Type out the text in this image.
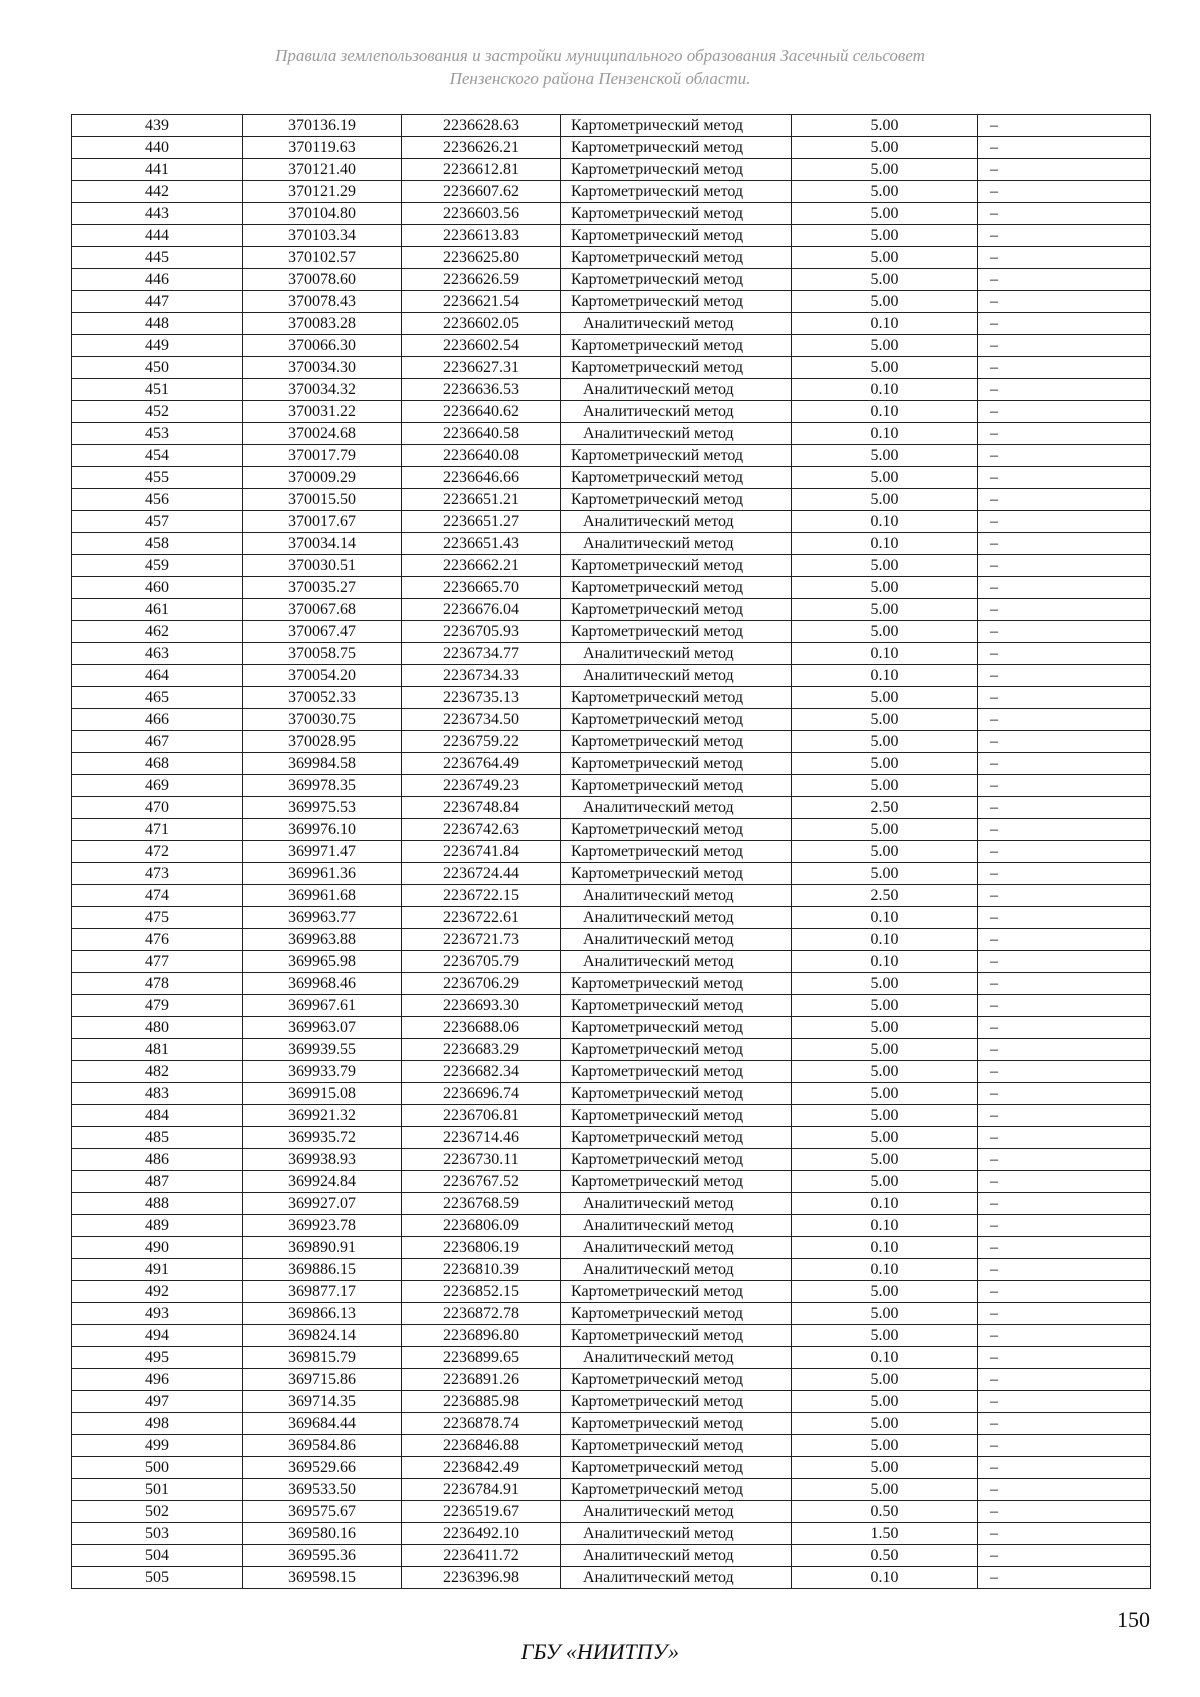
Правила землепользования и застройки муниципального образования Засечный сельсовет
Пензенского района Пензенской области.
439	370136.19	2236628.63	Картометрический метод	5.00	–
440	370119.63	2236626.21	Картометрический метод	5.00	–
441	370121.40	2236612.81	Картометрический метод	5.00	–
442	370121.29	2236607.62	Картометрический метод	5.00	–
443	370104.80	2236603.56	Картометрический метод	5.00	–
444	370103.34	2236613.83	Картометрический метод	5.00	–
445	370102.57	2236625.80	Картометрический метод	5.00	–
446	370078.60	2236626.59	Картометрический метод	5.00	–
447	370078.43	2236621.54	Картометрический метод	5.00	–
448	370083.28	2236602.05	Аналитический метод	0.10	–
449	370066.30	2236602.54	Картометрический метод	5.00	–
450	370034.30	2236627.31	Картометрический метод	5.00	–
451	370034.32	2236636.53	Аналитический метод	0.10	–
452	370031.22	2236640.62	Аналитический метод	0.10	–
453	370024.68	2236640.58	Аналитический метод	0.10	–
454	370017.79	2236640.08	Картометрический метод	5.00	–
455	370009.29	2236646.66	Картометрический метод	5.00	–
456	370015.50	2236651.21	Картометрический метод	5.00	–
457	370017.67	2236651.27	Аналитический метод	0.10	–
458	370034.14	2236651.43	Аналитический метод	0.10	–
459	370030.51	2236662.21	Картометрический метод	5.00	–
460	370035.27	2236665.70	Картометрический метод	5.00	–
461	370067.68	2236676.04	Картометрический метод	5.00	–
462	370067.47	2236705.93	Картометрический метод	5.00	–
463	370058.75	2236734.77	Аналитический метод	0.10	–
464	370054.20	2236734.33	Аналитический метод	0.10	–
465	370052.33	2236735.13	Картометрический метод	5.00	–
466	370030.75	2236734.50	Картометрический метод	5.00	–
467	370028.95	2236759.22	Картометрический метод	5.00	–
468	369984.58	2236764.49	Картометрический метод	5.00	–
469	369978.35	2236749.23	Картометрический метод	5.00	–
470	369975.53	2236748.84	Аналитический метод	2.50	–
471	369976.10	2236742.63	Картометрический метод	5.00	–
472	369971.47	2236741.84	Картометрический метод	5.00	–
473	369961.36	2236724.44	Картометрический метод	5.00	–
474	369961.68	2236722.15	Аналитический метод	2.50	–
475	369963.77	2236722.61	Аналитический метод	0.10	–
476	369963.88	2236721.73	Аналитический метод	0.10	–
477	369965.98	2236705.79	Аналитический метод	0.10	–
478	369968.46	2236706.29	Картометрический метод	5.00	–
479	369967.61	2236693.30	Картометрический метод	5.00	–
480	369963.07	2236688.06	Картометрический метод	5.00	–
481	369939.55	2236683.29	Картометрический метод	5.00	–
482	369933.79	2236682.34	Картометрический метод	5.00	–
483	369915.08	2236696.74	Картометрический метод	5.00	–
484	369921.32	2236706.81	Картометрический метод	5.00	–
485	369935.72	2236714.46	Картометрический метод	5.00	–
486	369938.93	2236730.11	Картометрический метод	5.00	–
487	369924.84	2236767.52	Картометрический метод	5.00	–
488	369927.07	2236768.59	Аналитический метод	0.10	–
489	369923.78	2236806.09	Аналитический метод	0.10	–
490	369890.91	2236806.19	Аналитический метод	0.10	–
491	369886.15	2236810.39	Аналитический метод	0.10	–
492	369877.17	2236852.15	Картометрический метод	5.00	–
493	369866.13	2236872.78	Картометрический метод	5.00	–
494	369824.14	2236896.80	Картометрический метод	5.00	–
495	369815.79	2236899.65	Аналитический метод	0.10	–
496	369715.86	2236891.26	Картометрический метод	5.00	–
497	369714.35	2236885.98	Картометрический метод	5.00	–
498	369684.44	2236878.74	Картометрический метод	5.00	–
499	369584.86	2236846.88	Картометрический метод	5.00	–
500	369529.66	2236842.49	Картометрический метод	5.00	–
501	369533.50	2236784.91	Картометрический метод	5.00	–
502	369575.67	2236519.67	Аналитический метод	0.50	–
503	369580.16	2236492.10	Аналитический метод	1.50	–
504	369595.36	2236411.72	Аналитический метод	0.50	–
505	369598.15	2236396.98	Аналитический метод	0.10	–
150
ГБУ «НИИТПУ»
